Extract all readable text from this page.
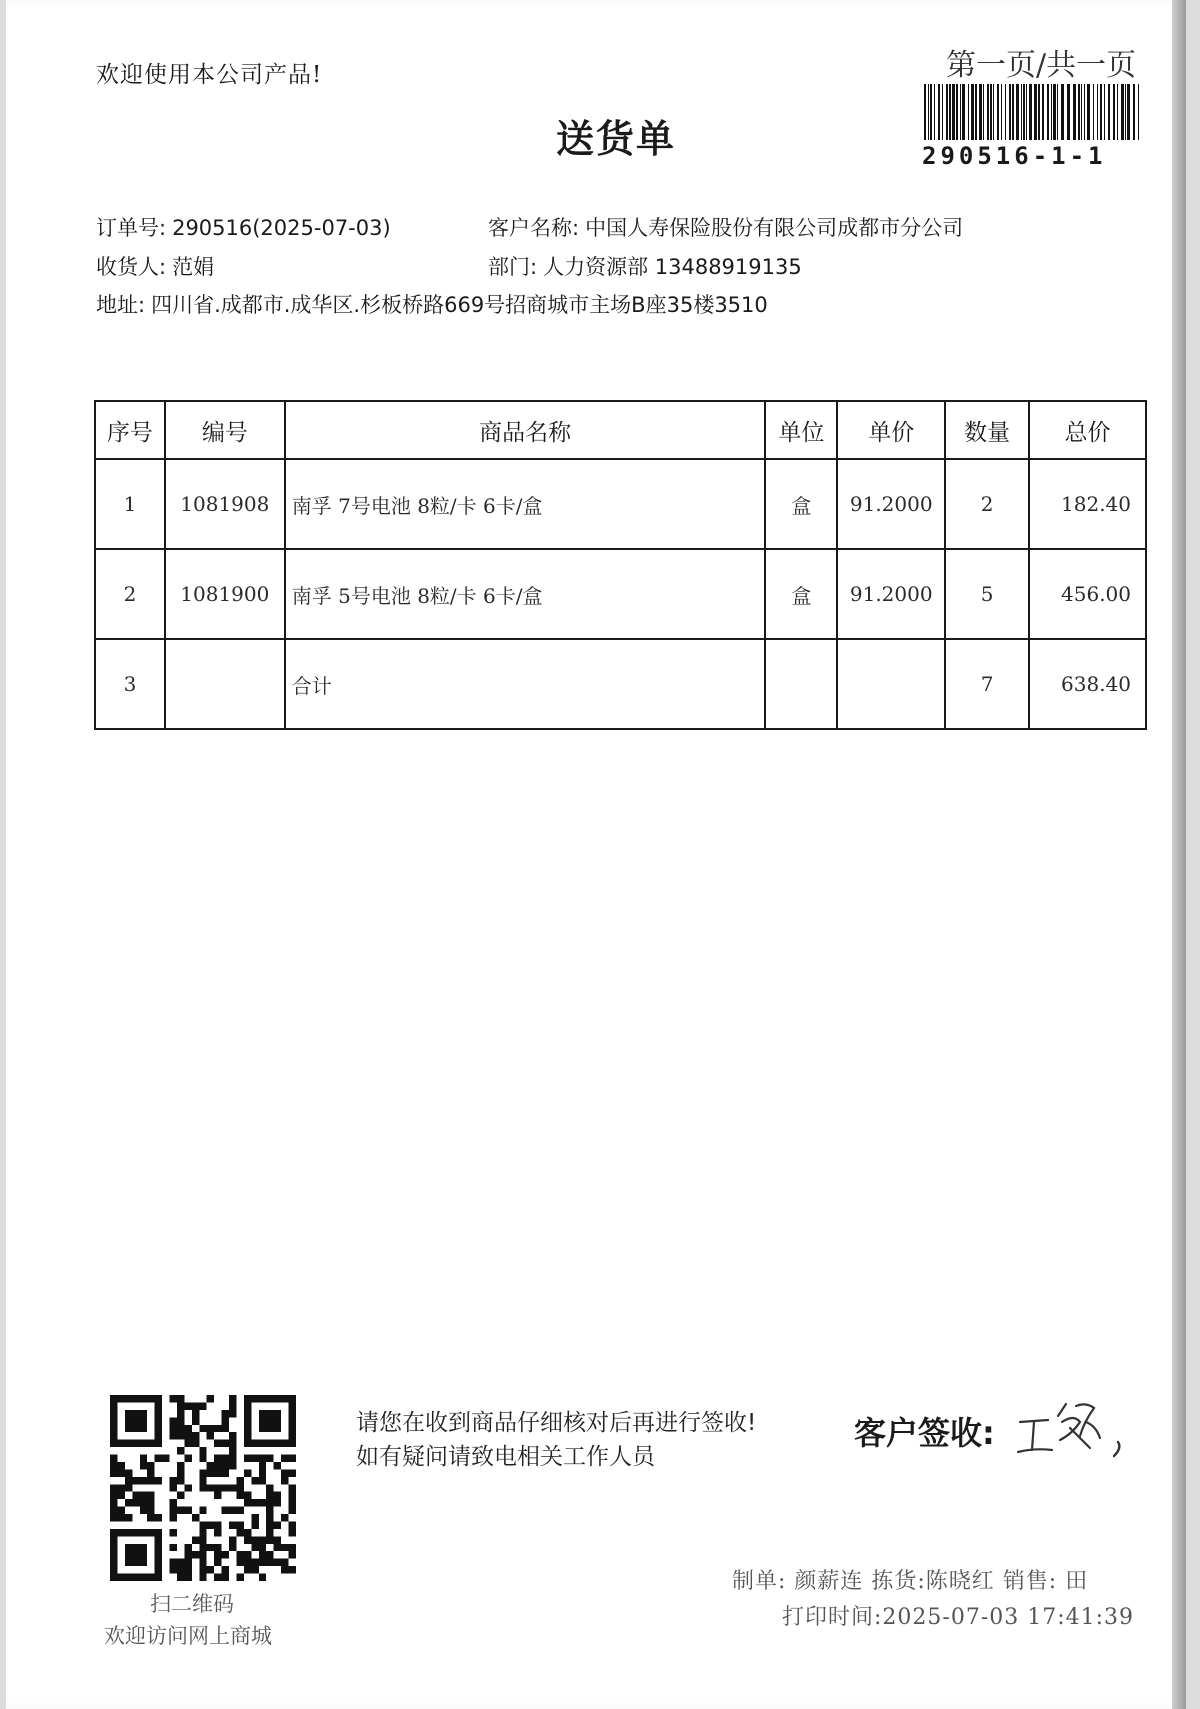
欢迎使用本公司产品!
送货单
第一页/共一页
290516-1-1
订单号: 290516(2025-07-03)	客户名称: 中国人寿保险股份有限公司成都市分公司
收货人: 范娟	部门: 人力资源部 13488919135
地址: 四川省.成都市.成华区.杉板桥路669号招商城市主场B座35楼3510
序号	编号	商品名称	单位	单价	数量	总价
1	1081908	南孚 7号电池 8粒/卡 6卡/盒	盒	91.2000	2	182.40
2	1081900	南孚 5号电池 8粒/卡 6卡/盒	盒	91.2000	5	456.00
3		合计			7	638.40
扫二维码
欢迎访问网上商城
请您在收到商品仔细核对后再进行签收!如有疑问请致电相关工作人员
客户签收:
制单: 颜薪连 拣货:陈晓红 销售: 田
打印时间:2025-07-03 17:41:39
